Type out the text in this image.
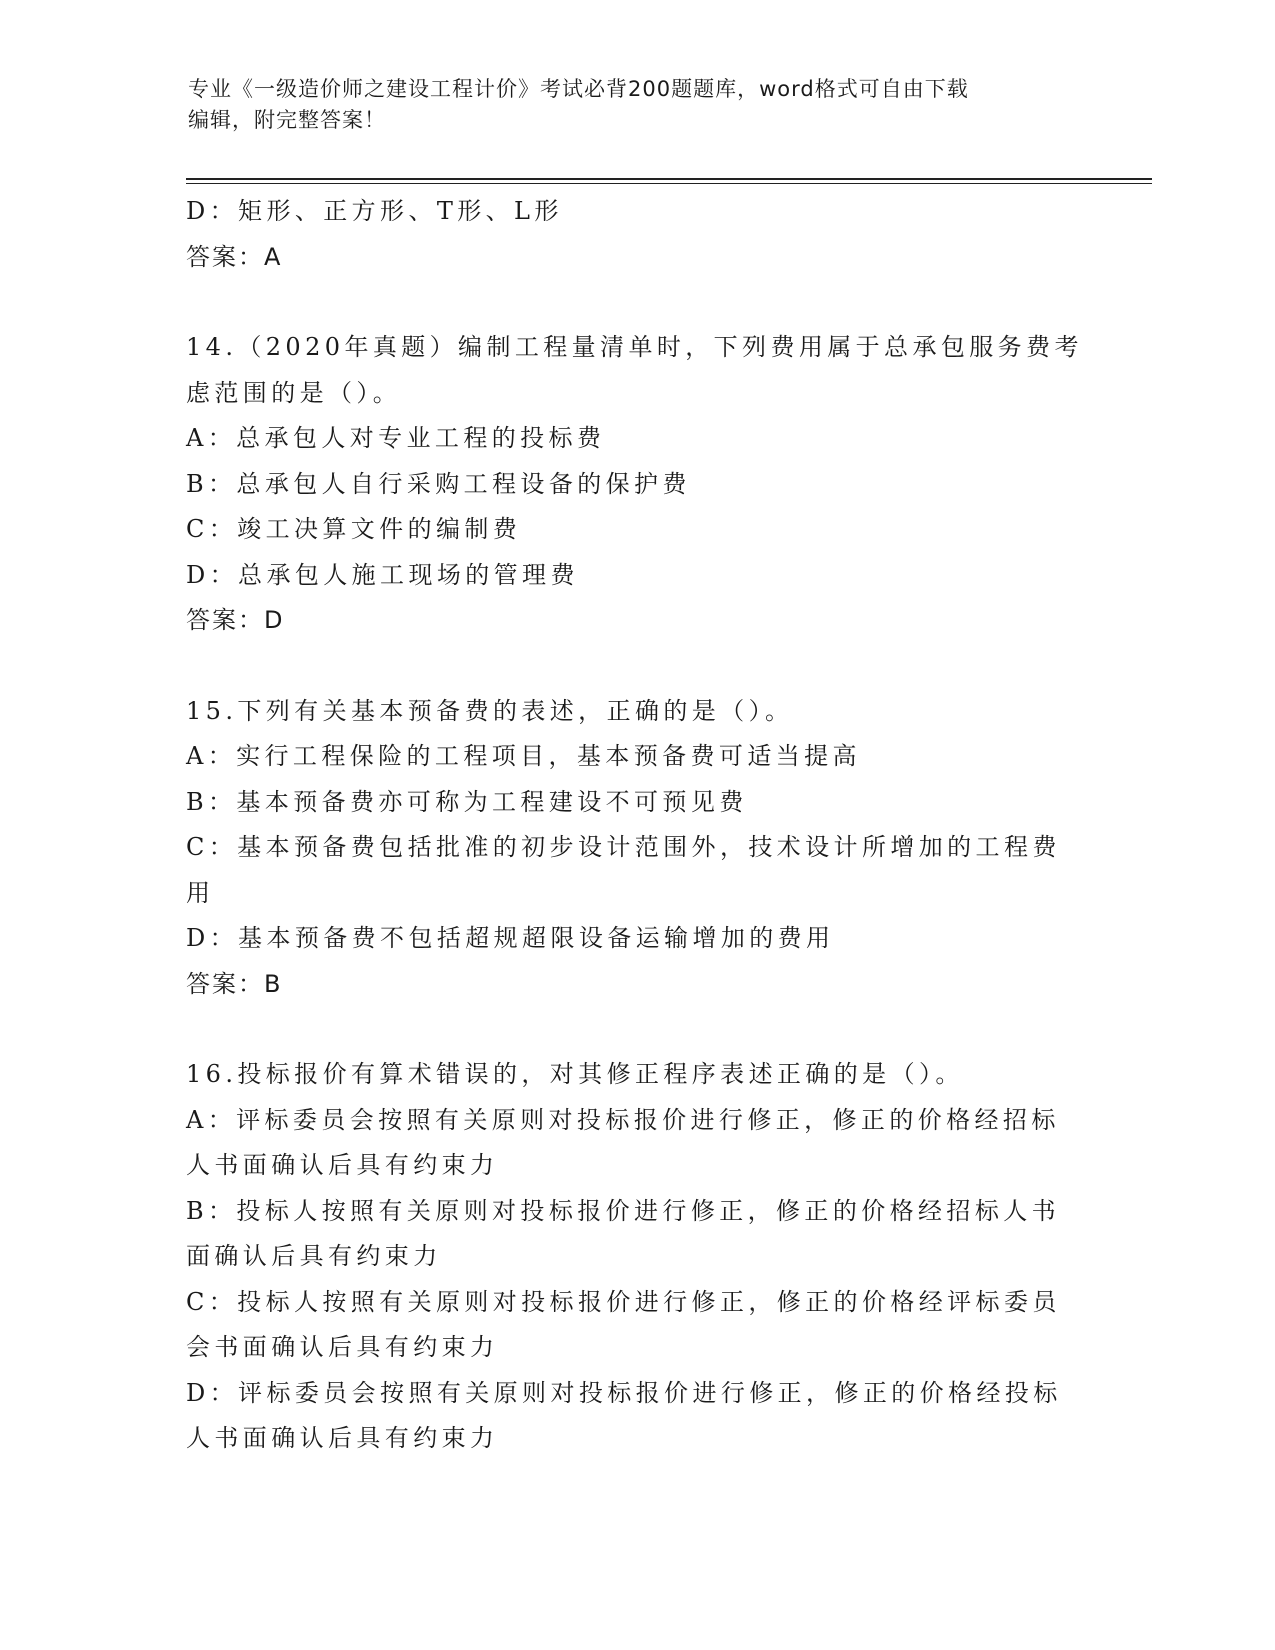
专业《一级造价师之建设工程计价》考试必背200题题库，word格式可自由下载
编辑，附完整答案！
D：矩形、正方形、T形、L形
答案：A
14.（2020年真题）编制工程量清单时，下列费用属于总承包服务费考
虑范围的是（）。
A：总承包人对专业工程的投标费
B：总承包人自行采购工程设备的保护费
C：竣工决算文件的编制费
D：总承包人施工现场的管理费
答案：D
15.下列有关基本预备费的表述，正确的是（）。
A：实行工程保险的工程项目，基本预备费可适当提高
B：基本预备费亦可称为工程建设不可预见费
C：基本预备费包括批准的初步设计范围外，技术设计所增加的工程费
用
D：基本预备费不包括超规超限设备运输增加的费用
答案：B
16.投标报价有算术错误的，对其修正程序表述正确的是（）。
A：评标委员会按照有关原则对投标报价进行修正，修正的价格经招标
人书面确认后具有约束力
B：投标人按照有关原则对投标报价进行修正，修正的价格经招标人书
面确认后具有约束力
C：投标人按照有关原则对投标报价进行修正，修正的价格经评标委员
会书面确认后具有约束力
D：评标委员会按照有关原则对投标报价进行修正，修正的价格经投标
人书面确认后具有约束力
